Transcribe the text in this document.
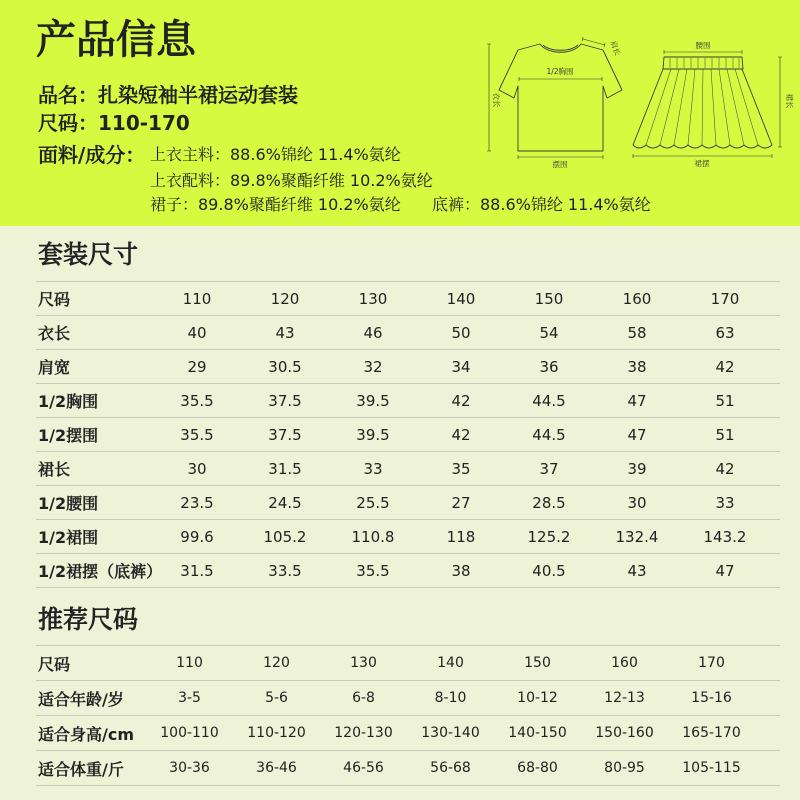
产品信息
品名：扎染短袖半裙运动套装
尺码：110-170
面料/成分： 上衣主料：88.6%锦纶 11.4%氨纶
上衣配料：89.8%聚酯纤维 10.2%氨纶
裙子：89.8%聚酯纤维 10.2%氨纶 底裤：88.6%锦纶 11.4%氨纶
肩长
1/2胸围
衣长
摆围
腰围
裙长
裙摆
套装尺寸
尺码	110	120	130	140	150	160	170
衣长	40	43	46	50	54	58	63
肩宽	29	30.5	32	34	36	38	42
1/2胸围	35.5	37.5	39.5	42	44.5	47	51
1/2摆围	35.5	37.5	39.5	42	44.5	47	51
裙长	30	31.5	33	35	37	39	42
1/2腰围	23.5	24.5	25.5	27	28.5	30	33
1/2裙围	99.6	105.2	110.8	118	125.2	132.4	143.2
1/2裙摆（底裤）	31.5	33.5	35.5	38	40.5	43	47
推荐尺码
尺码	110	120	130	140	150	160	170
适合年龄/岁	3-5	5-6	6-8	8-10	10-12	12-13	15-16
适合身高/cm	100-110	110-120	120-130	130-140	140-150	150-160	165-170
适合体重/斤	30-36	36-46	46-56	56-68	68-80	80-95	105-115
